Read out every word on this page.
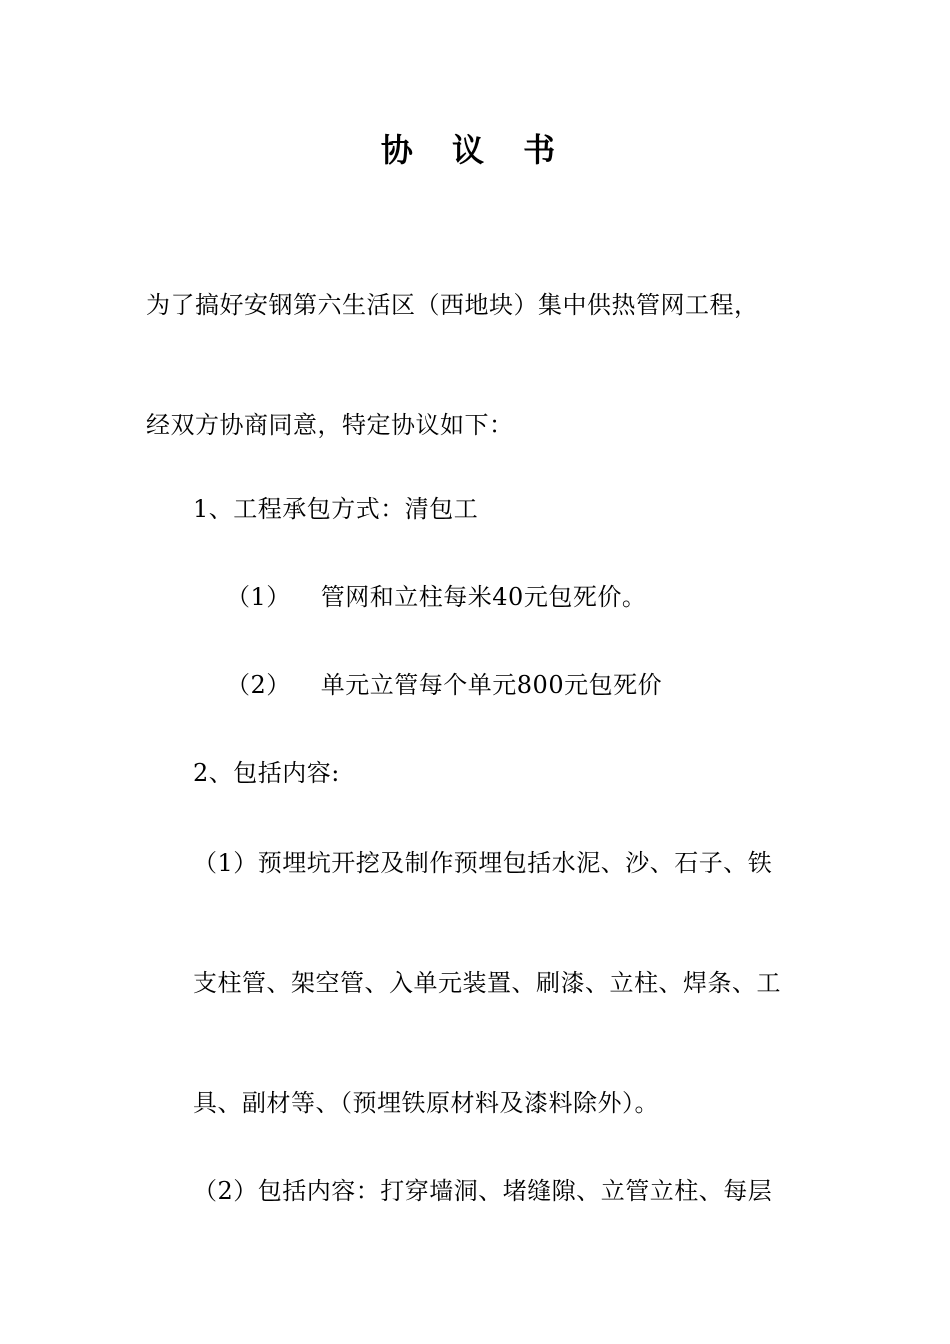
协 议 书
为了搞好安钢第六生活区（西地块）集中供热管网工程，
经双方协商同意，特定协议如下：
1、工程承包方式：清包工
（1） 管网和立柱每米40元包死价。
（2） 单元立管每个单元800元包死价
2、包括内容:
（1）预埋坑开挖及制作预埋包括水泥、沙、石子、铁
支柱管、架空管、入单元装置、刷漆、立柱、焊条、工
具、副材等、（预埋铁原材料及漆料除外）。
（2）包括内容：打穿墙洞、堵缝隙、立管立柱、每层
